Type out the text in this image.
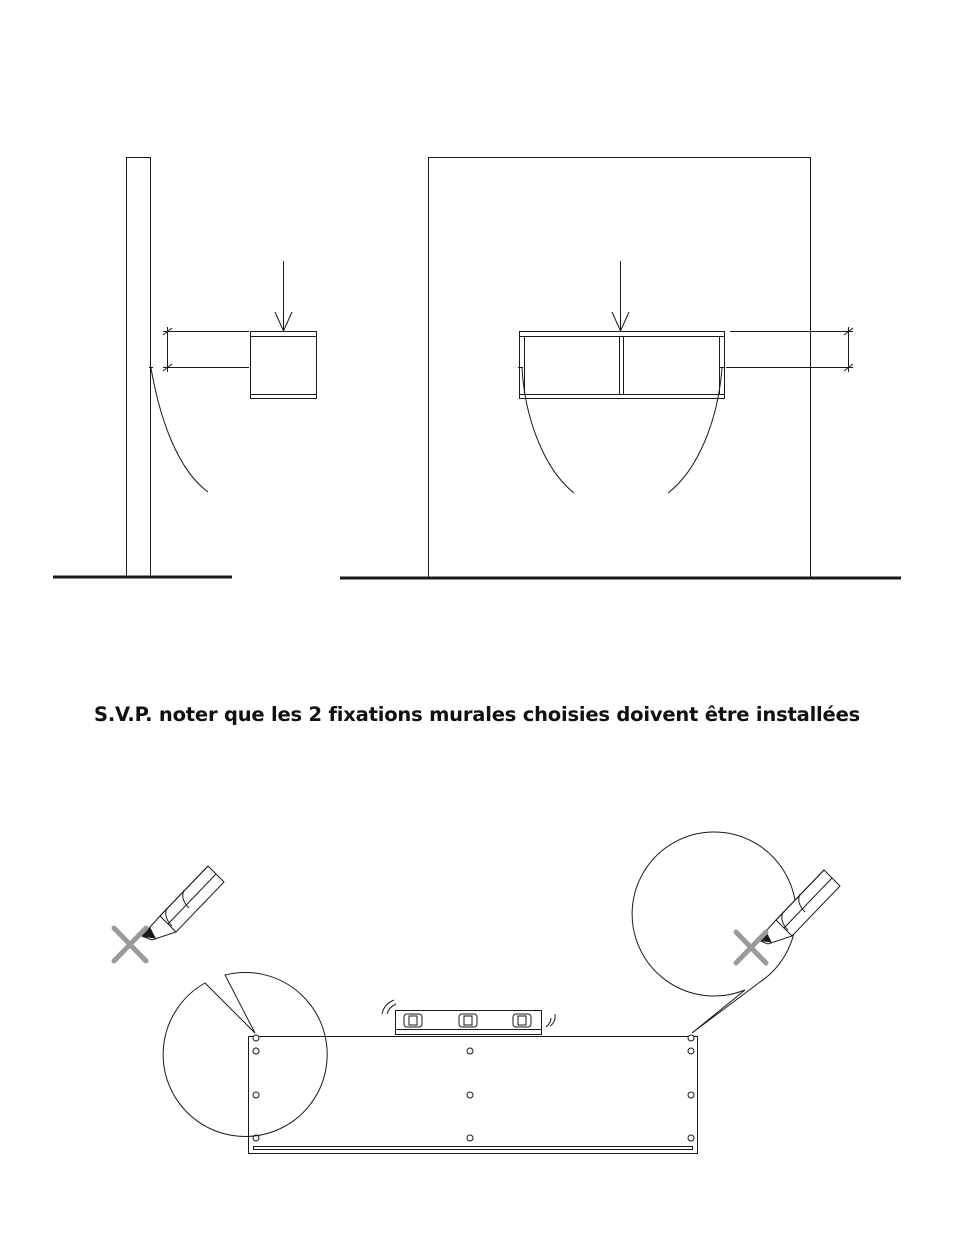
S.V.P. noter que les 2 fixations murales choisies doivent être installées
